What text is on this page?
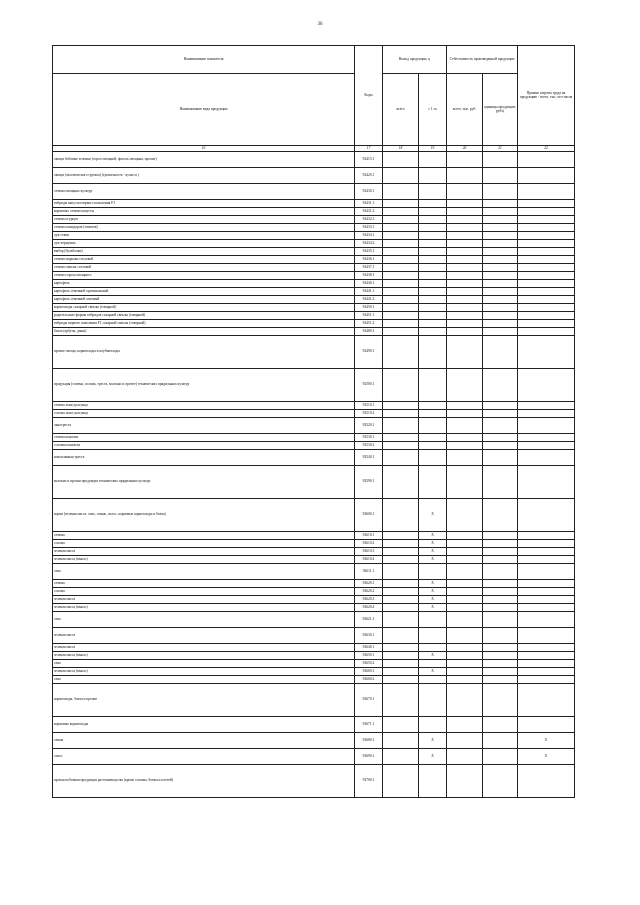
36
Наименование показателя	Коды	Выход продукции, ц		Себестоимость произведенной продукции		Прямые затраты труда на продукцию - всего, тыс. чел-часов
Наименование вида продукции						
		всего	с 1 га	всего, тыс. руб.	единицы продукции, руб/ц	
16	17	18	19	20	21	22
овощи бобовые зеленые (горох овощной, фасоль овощная, прочие)	92415.1					
овощи (экзотического группы) (тропичность - культ.м )	92420.1					
семена овощных культур	92430.1					
гибриды капусты первого поколения F1	92431.1					
кормовых семена капусты	92431.2					
семена огурцов	92432.1					
семена помидоров (томатов)	92433.1					
лук-севок	92434.1					
лук-чернушка	92434.2					
выбор (бульбочки)	92435.1					
семена моркови столовой	92436.1					
семена свеклы столовой	92437.1					
семена гороха овощного	92438.1					
картофель	92440.1					
картофель семенной оригинальный	92441.1					
картофель семенной элитный	92441.2					
корнеплоды сахарной свеклы (товарной)	92450.1					
родительские формы гибридов сахарной свеклы (товарной)	92451.1					
гибриды первого поколения F1 сахарной свеклы (товарной)	92451.2					
бахча (арбузы, дыни)	92480.1					
прочие овощи, корнеплоды и клубнеплоды	92490.1					
продукция (семена, солома, треста, волокно и прочее) технических прядильных культур	92500.1					
семена льна-долгунца	92510.1					
солома льна-долгунца	92510.2					
льнотреста	92520.1					
семена конопли	92530.1					
соломка конопли	92530.2					
коноплянная треста	92540.1					
волокно и прочая продукция технических прядильных культур	92590.1					
корма (зеленая масса, сено, сенаж, силос, кормовые корнеплоды и бахча)	92600.1		X			
семена	92610.1		X			
солома	92610.2		X			
зеленая масса	92610.3		X			
зеленая масса (выпас)	92610.4		X			
сено	92611.1					
семена	92620.1		X			
солома	92620.2		X			
зеленая масса	92620.3		X			
зеленая масса (выпас)	92620.4		X			
сено	92621.1					
зеленая масса	92630.1					
зеленая масса	92640.1					
зеленая масса (выпас)	92650.1		X			
сено	92650.2					
зеленая масса (выпас)	92660.1		X			
сено	92660.2					
корнеплоды, бахча и прочие	92670.1					
кормовые корнеплоды	92671.1					
сенаж	92680.1		X			X
силос	92690.1		X			X
прочая побочная продукция растениеводства (кроме соломы, ботвы и плетей)	92700.1					
